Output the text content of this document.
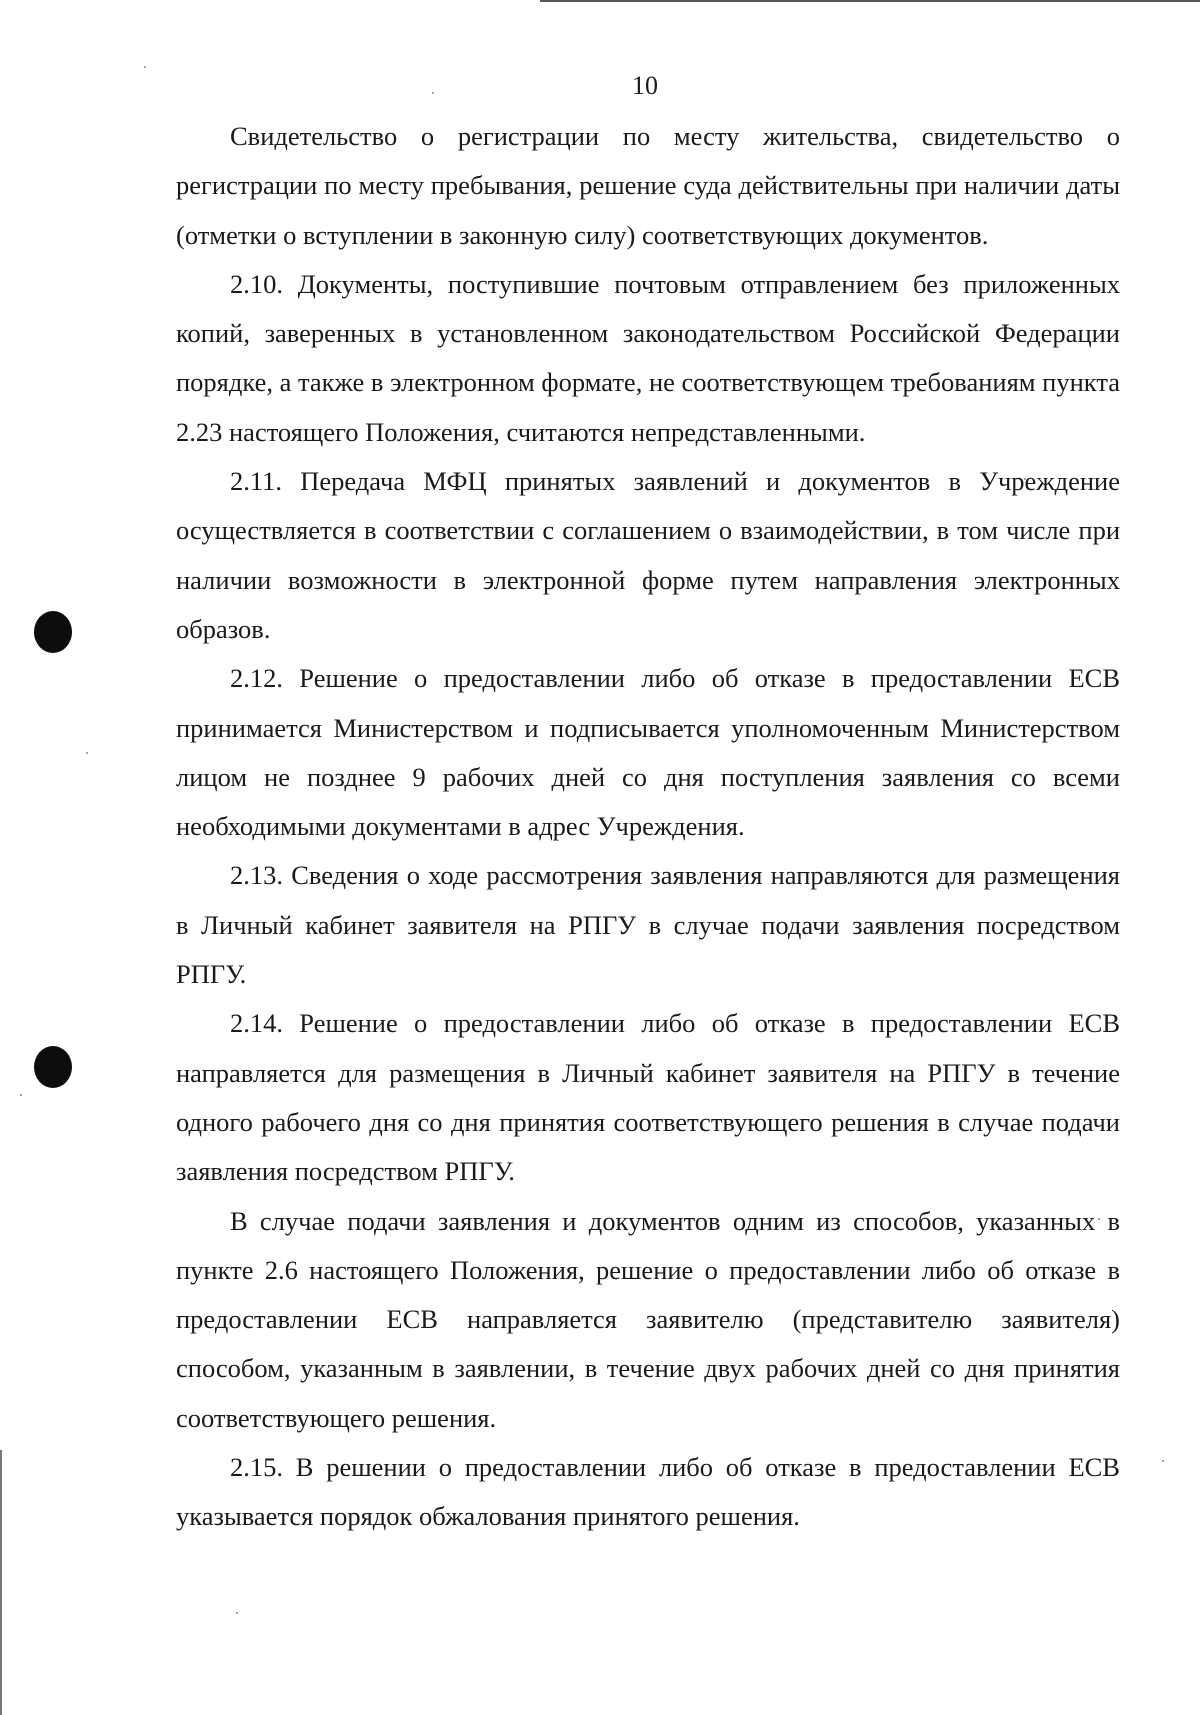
10

Свидетельство о регистрации по месту жительства, свидетельство о регистрации по месту пребывания, решение суда действительны при наличии даты (отметки о вступлении в законную силу) соответствующих документов.

2.10. Документы, поступившие почтовым отправлением без приложенных копий, заверенных в установленном законодательством Российской Федерации порядке, а также в электронном формате, не соответствующем требованиям пункта 2.23 настоящего Положения, считаются непредставленными.

2.11. Передача МФЦ принятых заявлений и документов в Учреждение осуществляется в соответствии с соглашением о взаимодействии, в том числе при наличии возможности в электронной форме путем направления электронных образов.

2.12. Решение о предоставлении либо об отказе в предоставлении ЕСВ принимается Министерством и подписывается уполномоченным Министерством лицом не позднее 9 рабочих дней со дня поступления заявления со всеми необходимыми документами в адрес Учреждения.

2.13. Сведения о ходе рассмотрения заявления направляются для размещения в Личный кабинет заявителя на РПГУ в случае подачи заявления посредством РПГУ.

2.14. Решение о предоставлении либо об отказе в предоставлении ЕСВ направляется для размещения в Личный кабинет заявителя на РПГУ в течение одного рабочего дня со дня принятия соответствующего решения в случае подачи заявления посредством РПГУ.

В случае подачи заявления и документов одним из способов, указанных в пункте 2.6 настоящего Положения, решение о предоставлении либо об отказе в предоставлении ЕСВ направляется заявителю (представителю заявителя) способом, указанным в заявлении, в течение двух рабочих дней со дня принятия соответствующего решения.

2.15. В решении о предоставлении либо об отказе в предоставлении ЕСВ указывается порядок обжалования принятого решения.
